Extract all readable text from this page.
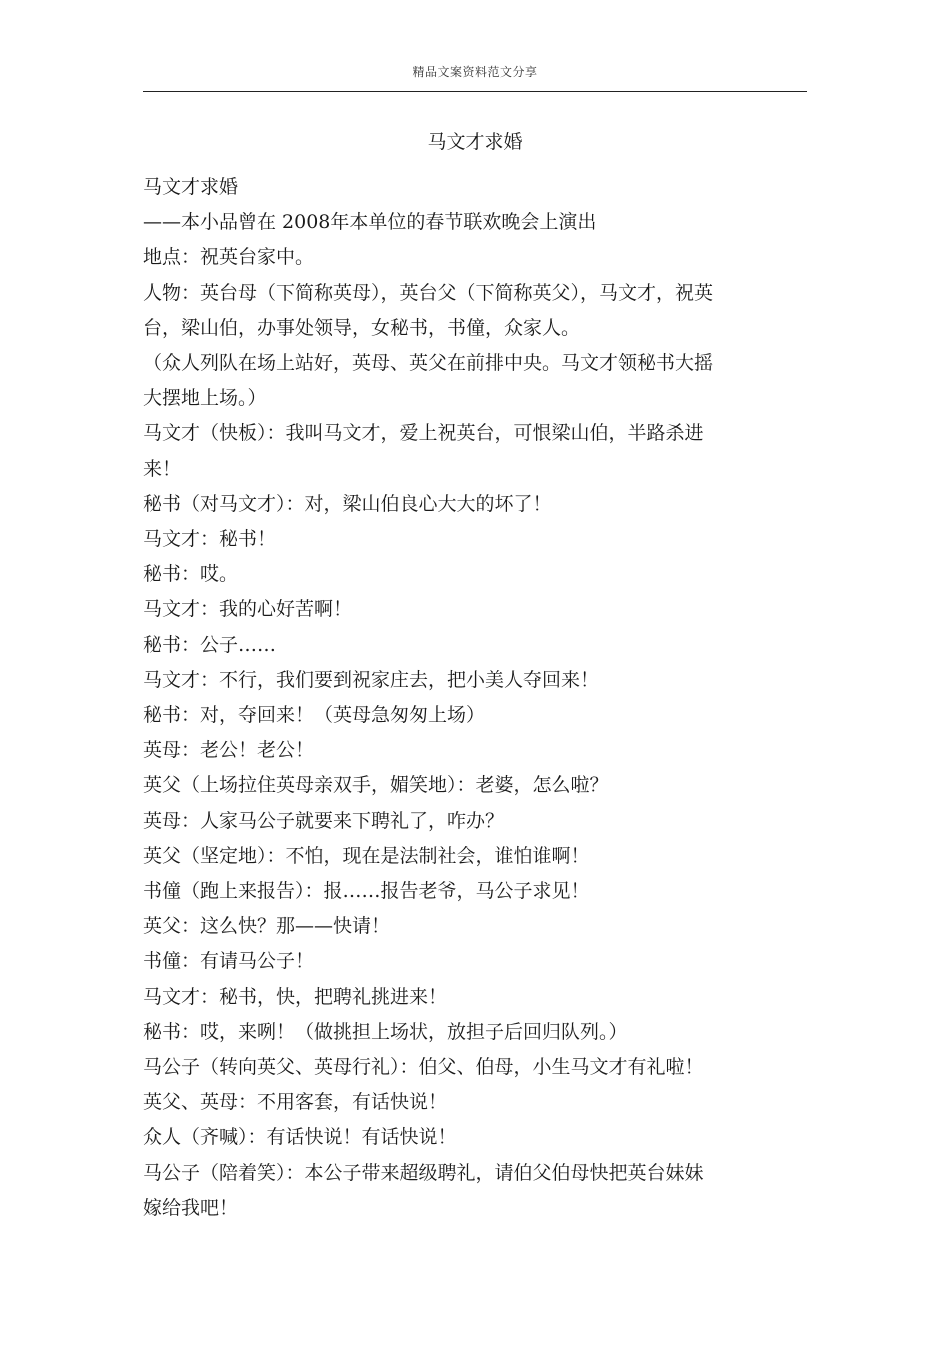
精品文案资料范文分享
马文才求婚

马文才求婚

——本小品曾在 2008年本单位的春节联欢晚会上演出

地点：祝英台家中。

人物：英台母（下简称英母），英台父（下简称英父），马文才，祝英

台，梁山伯，办事处领导，女秘书，书僮，众家人。

（众人列队在场上站好，英母、英父在前排中央。马文才领秘书大摇

大摆地上场。）

马文才（快板）：我叫马文才，爱上祝英台，可恨梁山伯，半路杀进

来！

秘书（对马文才）：对，梁山伯良心大大的坏了！

马文才：秘书！

秘书：哎。

马文才：我的心好苦啊！

秘书：公子……

马文才：不行，我们要到祝家庄去，把小美人夺回来！

秘书：对，夺回来！（英母急匆匆上场）

英母：老公！老公！

英父（上场拉住英母亲双手，媚笑地）：老婆，怎么啦？

英母：人家马公子就要来下聘礼了，咋办？

英父（坚定地）：不怕，现在是法制社会，谁怕谁啊！

书僮（跑上来报告）：报……报告老爷，马公子求见！

英父：这么快？那——快请！

书僮：有请马公子！

马文才：秘书，快，把聘礼挑进来！

秘书：哎，来咧！（做挑担上场状，放担子后回归队列。）

马公子（转向英父、英母行礼）：伯父、伯母，小生马文才有礼啦！

英父、英母：不用客套，有话快说！

众人（齐喊）：有话快说！有话快说！

马公子（陪着笑）：本公子带来超级聘礼，请伯父伯母快把英台妹妹

嫁给我吧！
